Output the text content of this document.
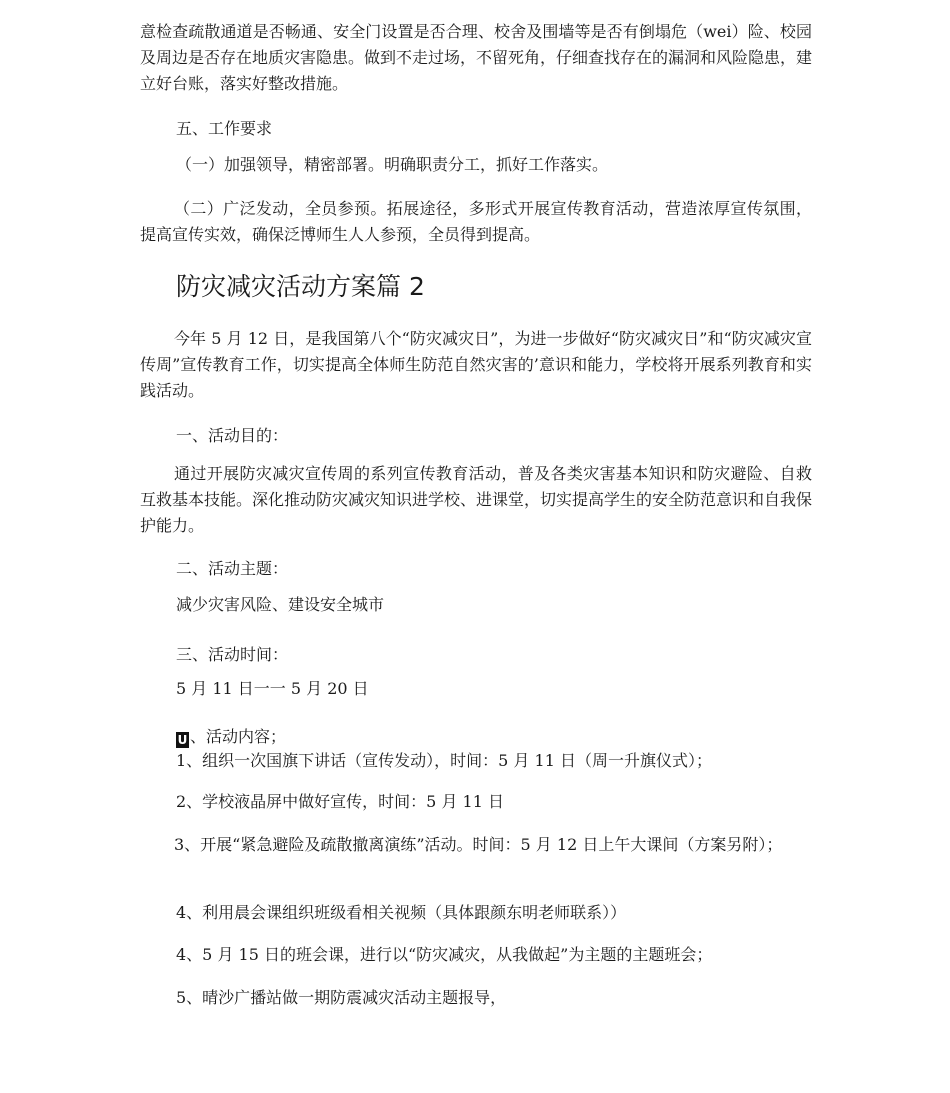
意检查疏散通道是否畅通、安全门设置是否合理、校舍及围墙等是否有倒塌危（wei）险、校园及周边是否存在地质灾害隐患。做到不走过场，不留死角，仔细查找存在的漏洞和风险隐患，建立好台账，落实好整改措施。

五、工作要求

（一）加强领导，精密部署。明确职责分工，抓好工作落实。

（二）广泛发动，全员参预。拓展途径，多形式开展宣传教育活动，营造浓厚宣传氛围，提高宣传实效，确保泛博师生人人参预，全员得到提高。

防灾减灾活动方案篇 2

今年 5 月 12 日，是我国第八个“防灾减灾日”，为进一步做好“防灾减灾日”和“防灾减灾宣传周”宣传教育工作，切实提高全体师生防范自然灾害的’意识和能力，学校将开展系列教育和实践活动。

一、活动目的：

通过开展防灾减灾宣传周的系列宣传教育活动，普及各类灾害基本知识和防灾避险、自救互救基本技能。深化推动防灾减灾知识进学校、进课堂，切实提高学生的安全防范意识和自我保护能力。

二、活动主题：

减少灾害风险、建设安全城市

三、活动时间：

5 月 11 日一一 5 月 20 日

U 、活动内容；

1、组织一次国旗下讲话（宣传发动），时间：5 月 11 日（周一升旗仪式）；

2、学校液晶屏中做好宣传，时间：5 月 11 日

3、开展“紧急避险及疏散撤离演练”活动。时间：5 月 12 日上午大课间（方案另附）；

4、利用晨会课组织班级看相关视频（具体跟颜东明老师联系））

4、5 月 15 日的班会课，进行以“防灾减灾，从我做起”为主题的主题班会；

5、晴沙广播站做一期防震减灾活动主题报导，
